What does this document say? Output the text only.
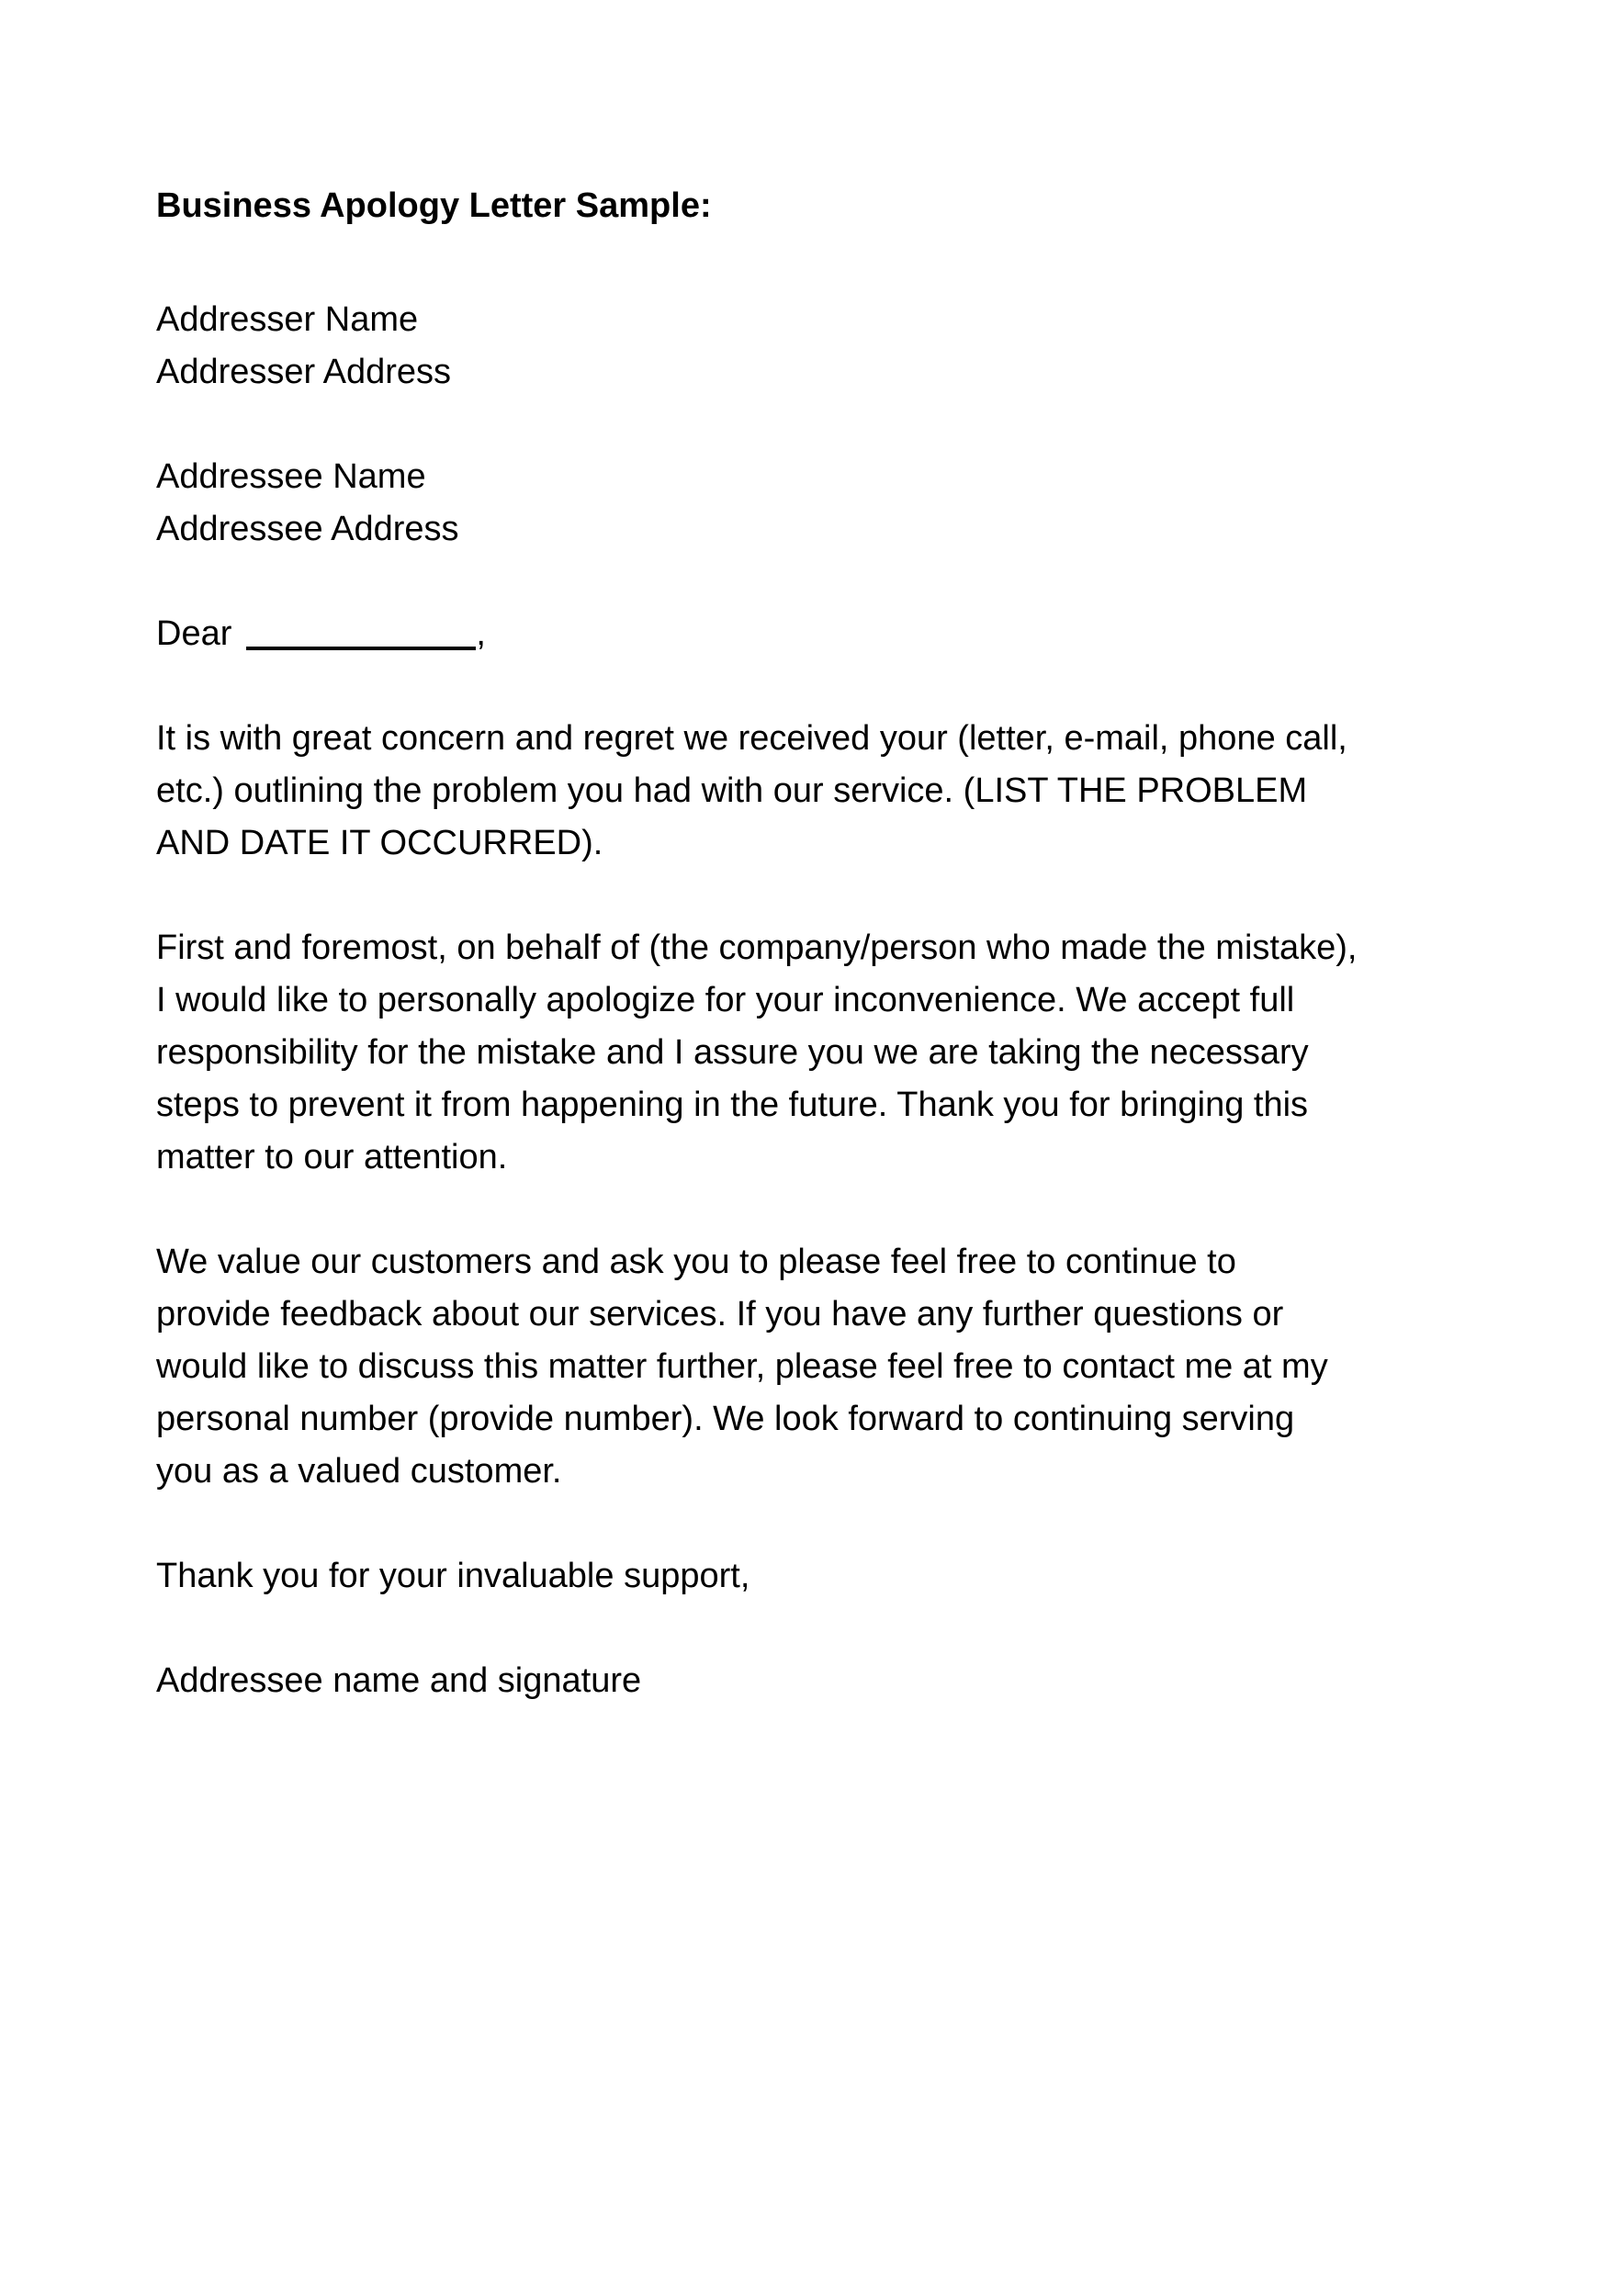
Business Apology Letter Sample:
Addresser Name
Addresser Address
Addressee Name
Addressee Address
Dear	,
It is with great concern and regret we received your (letter, e-mail, phone call,
etc.) outlining the problem you had with our service. (LIST THE PROBLEM
AND DATE IT OCCURRED).
First and foremost, on behalf of (the company/person who made the mistake),
I would like to personally apologize for your inconvenience. We accept full
responsibility for the mistake and I assure you we are taking the necessary
steps to prevent it from happening in the future. Thank you for bringing this
matter to our attention.
We value our customers and ask you to please feel free to continue to
provide feedback about our services. If you have any further questions or
would like to discuss this matter further, please feel free to contact me at my
personal number (provide number). We look forward to continuing serving
you as a valued customer.
Thank you for your invaluable support,
Addressee name and signature
